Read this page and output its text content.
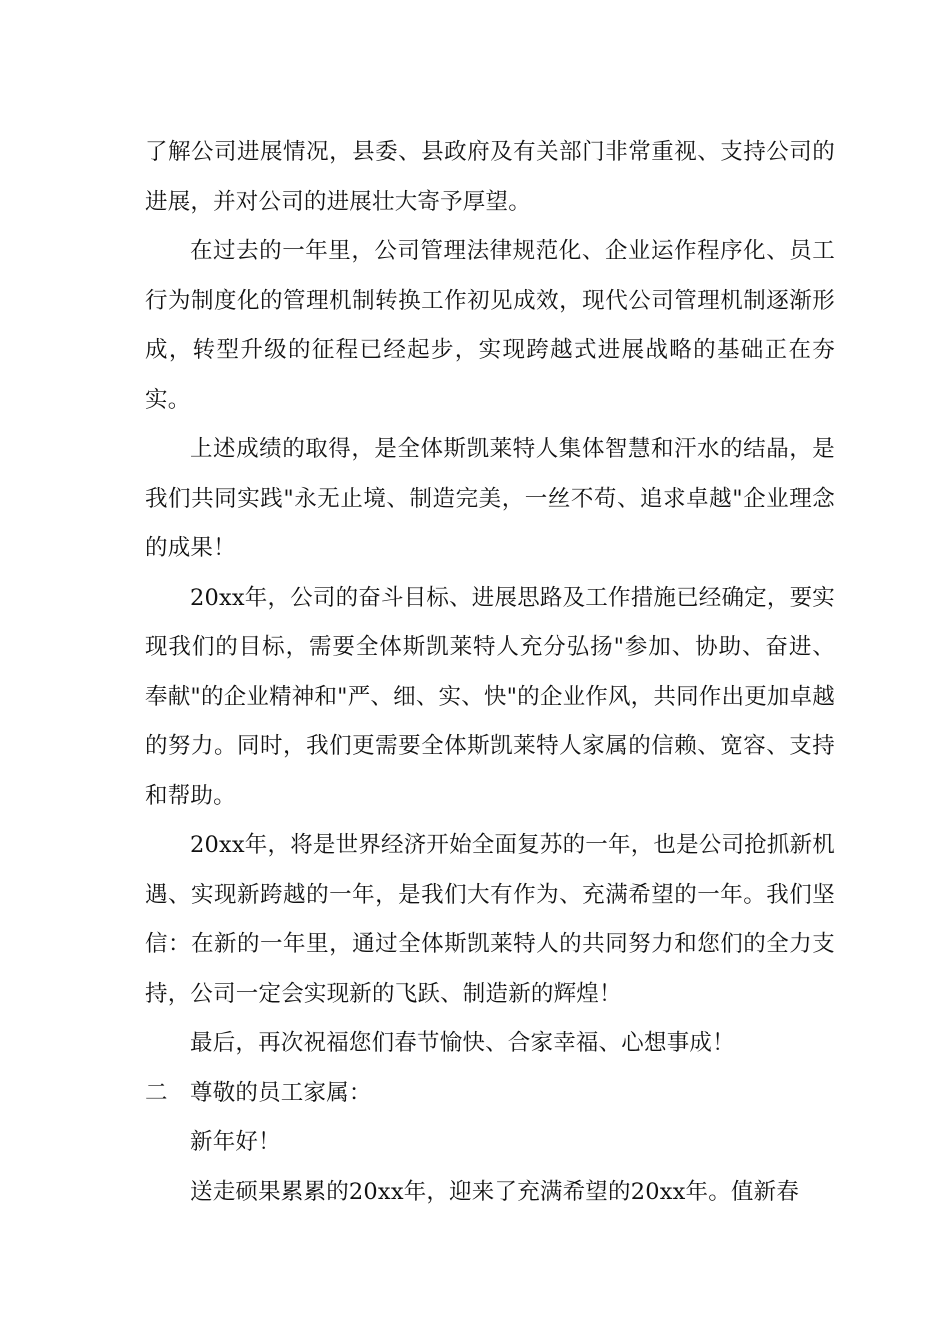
了解公司进展情况，县委、县政府及有关部门非常重视、支持公司的进展，并对公司的进展壮大寄予厚望。

在过去的一年里，公司管理法律规范化、企业运作程序化、员工行为制度化的管理机制转换工作初见成效，现代公司管理机制逐渐形成，转型升级的征程已经起步，实现跨越式进展战略的基础正在夯实。

上述成绩的取得，是全体斯凯莱特人集体智慧和汗水的结晶，是我们共同实践"永无止境、制造完美，一丝不苟、追求卓越"企业理念的成果！

20xx年，公司的奋斗目标、进展思路及工作措施已经确定，要实现我们的目标，需要全体斯凯莱特人充分弘扬"参加、协助、奋进、奉献"的企业精神和"严、细、实、快"的企业作风，共同作出更加卓越的努力。同时，我们更需要全体斯凯莱特人家属的信赖、宽容、支持和帮助。

20xx年，将是世界经济开始全面复苏的一年，也是公司抢抓新机遇、实现新跨越的一年，是我们大有作为、充满希望的一年。我们坚信：在新的一年里，通过全体斯凯莱特人的共同努力和您们的全力支持，公司一定会实现新的飞跃、制造新的辉煌！

最后，再次祝福您们春节愉快、合家幸福、心想事成！

二 尊敬的员工家属：

新年好！

送走硕果累累的20xx年，迎来了充满希望的20xx年。值新春
